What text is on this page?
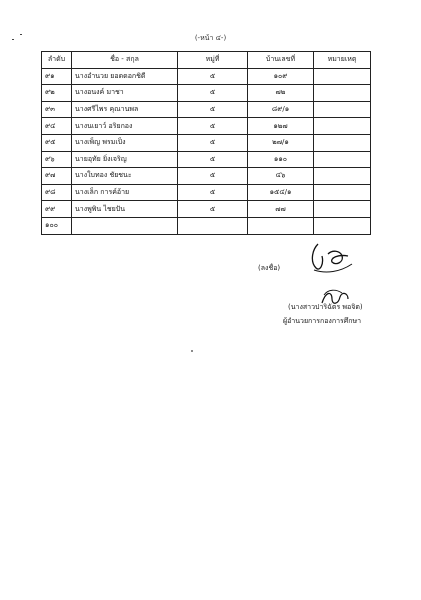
(-หน้า ๔-)
ลำดับ	ชื่อ - สกุล	หมู่ที่	บ้านเลขที่	หมายเหตุ
๙๑	นางอำนวย ยอดดอกชิดี	๕	๑๐๙	
๙๒	นางอนงค์ มาชา	๕	๗๒	
๙๓	นางศรีไพร คุณานพล	๕	๘๙/๑	
๙๔	นางนเยาว์ อริยกอง	๕	๑๒๗	
๙๕	นางเพ็ญ พรมเป็ง	๕	๒๗/๑	
๙๖	นายอุทัย ยิ่งเจริญ	๕	๑๑๐	
๙๗	นางใบทอง ชัยชนะ	๕	๔๖	
๙๘	นางเล็ก การค์อ้าย	๕	๑๕๔/๑	
๙๙	นางพูพิน ไชยปัน	๕	๗๗	
๑๐๐				
(ลงชื่อ)
(นางสาวปาริฉัตร พอจิต)
ผู้อำนวยการกองการศึกษา
